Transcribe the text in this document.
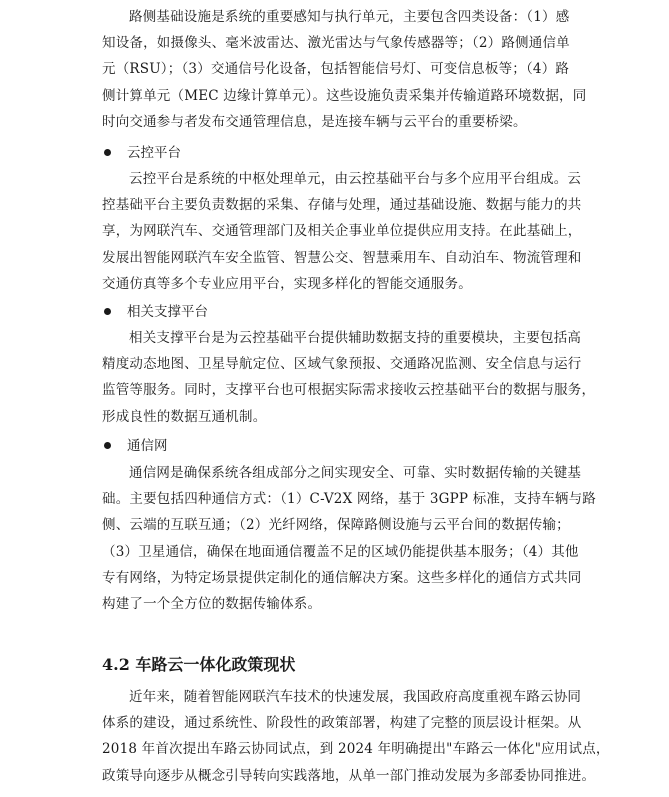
路侧基础设施是系统的重要感知与执行单元，主要包含四类设备：（1）感
知设备，如摄像头、毫米波雷达、激光雷达与气象传感器等；（2）路侧通信单
元（RSU）；（3）交通信号化设备，包括智能信号灯、可变信息板等；（4）路
侧计算单元（MEC 边缘计算单元）。这些设施负责采集并传输道路环境数据，同
时向交通参与者发布交通管理信息，是连接车辆与云平台的重要桥梁。
云控平台
云控平台是系统的中枢处理单元，由云控基础平台与多个应用平台组成。云
控基础平台主要负责数据的采集、存储与处理，通过基础设施、数据与能力的共
享，为网联汽车、交通管理部门及相关企事业单位提供应用支持。在此基础上，
发展出智能网联汽车安全监管、智慧公交、智慧乘用车、自动泊车、物流管理和
交通仿真等多个专业应用平台，实现多样化的智能交通服务。
相关支撑平台
相关支撑平台是为云控基础平台提供辅助数据支持的重要模块，主要包括高
精度动态地图、卫星导航定位、区域气象预报、交通路况监测、安全信息与运行
监管等服务。同时，支撑平台也可根据实际需求接收云控基础平台的数据与服务，
形成良性的数据互通机制。
通信网
通信网是确保系统各组成部分之间实现安全、可靠、实时数据传输的关键基
础。主要包括四种通信方式：（1）C-V2X 网络，基于 3GPP 标准，支持车辆与路
侧、云端的互联互通；（2）光纤网络，保障路侧设施与云平台间的数据传输；
（3）卫星通信，确保在地面通信覆盖不足的区域仍能提供基本服务；（4）其他
专有网络，为特定场景提供定制化的通信解决方案。这些多样化的通信方式共同
构建了一个全方位的数据传输体系。
4.2 车路云一体化政策现状
近年来，随着智能网联汽车技术的快速发展，我国政府高度重视车路云协同
体系的建设，通过系统性、阶段性的政策部署，构建了完整的顶层设计框架。从
2018 年首次提出车路云协同试点，到 2024 年明确提出"车路云一体化"应用试点，
政策导向逐步从概念引导转向实践落地，从单一部门推动发展为多部委协同推进。
